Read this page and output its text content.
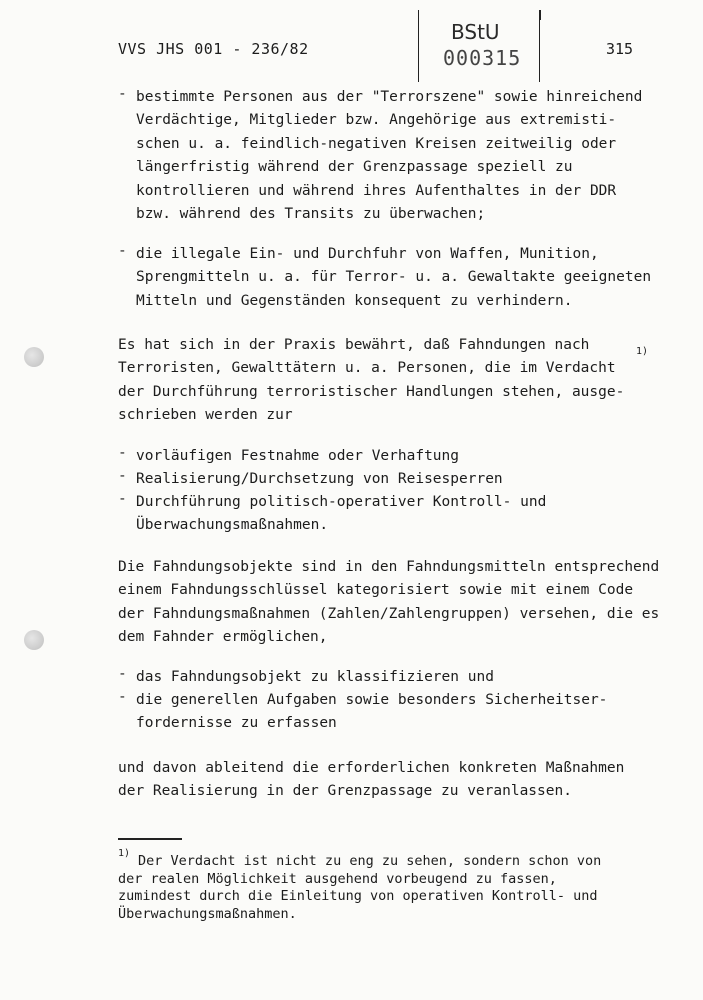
VVS JHS 001 - 236/82
BStU
000315	315
- bestimmte Personen aus der "Terrorszene" sowie hinreichend
Verdächtige, Mitglieder bzw. Angehörige aus extremisti-
schen u. a. feindlich-negativen Kreisen zeitweilig oder
längerfristig während der Grenzpassage speziell zu
kontrollieren und während ihres Aufenthaltes in der DDR
bzw. während des Transits zu überwachen;
- die illegale Ein- und Durchfuhr von Waffen, Munition,
Sprengmitteln u. a. für Terror- u. a. Gewaltakte geeigneten
Mitteln und Gegenständen konsequent zu verhindern.
Es hat sich in der Praxis bewährt, daß Fahndungen nach
Terroristen, Gewalttätern u. a. Personen, die im Verdacht
der Durchführung terroristischer Handlungen stehen, ausge-
schrieben werden zur
1)
- vorläufigen Festnahme oder Verhaftung
- Realisierung/Durchsetzung von Reisesperren
- Durchführung politisch-operativer Kontroll- und
Überwachungsmaßnahmen.
Die Fahndungsobjekte sind in den Fahndungsmitteln entsprechend
einem Fahndungsschlüssel kategorisiert sowie mit einem Code
der Fahndungsmaßnahmen (Zahlen/Zahlengruppen) versehen, die es
dem Fahnder ermöglichen,
- das Fahndungsobjekt zu klassifizieren und
- die generellen Aufgaben sowie besonders Sicherheitser-
fordernisse zu erfassen
und davon ableitend die erforderlichen konkreten Maßnahmen
der Realisierung in der Grenzpassage zu veranlassen.
1) Der Verdacht ist nicht zu eng zu sehen, sondern schon von
der realen Möglichkeit ausgehend vorbeugend zu fassen,
zumindest durch die Einleitung von operativen Kontroll- und
Überwachungsmaßnahmen.
